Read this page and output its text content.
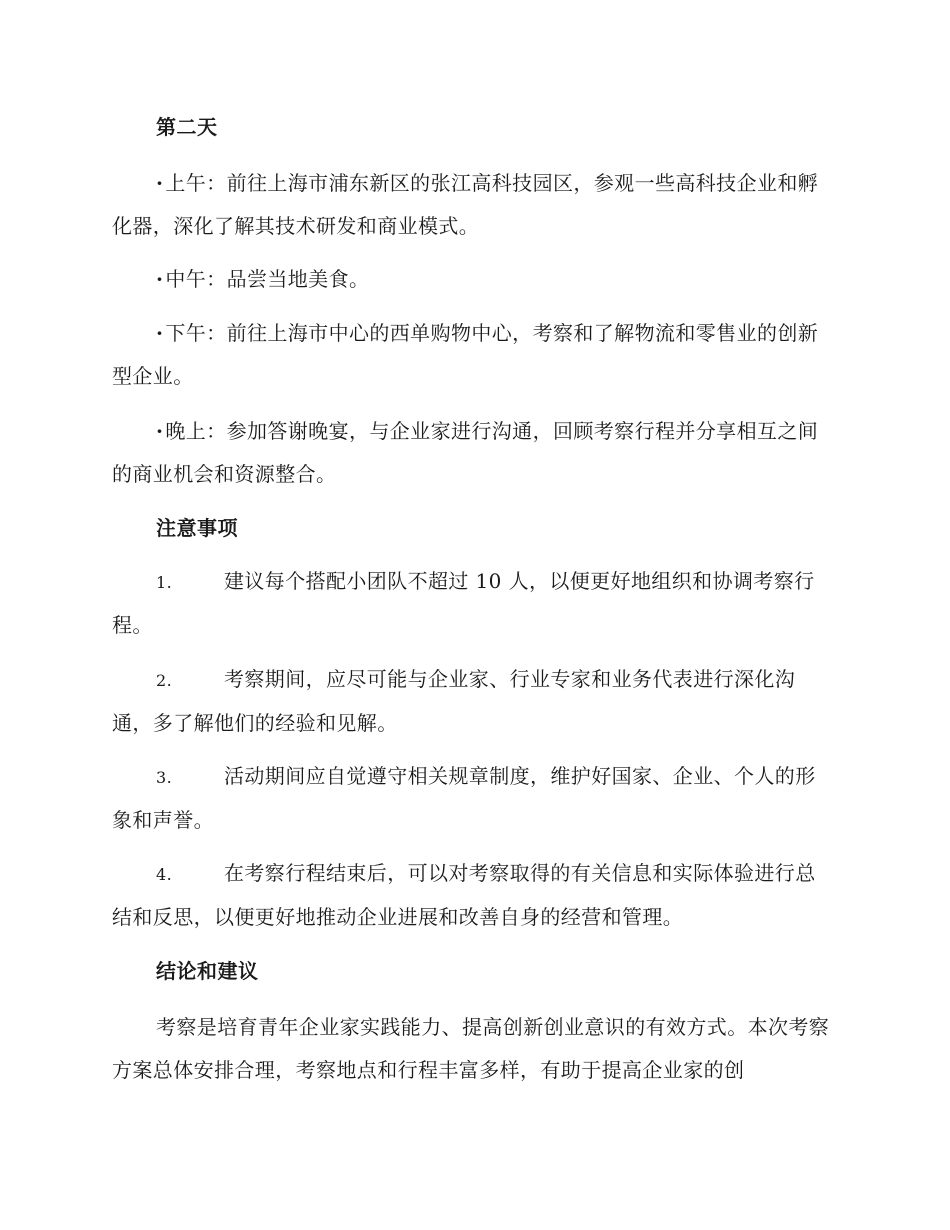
第二天
· 上午：前往上海市浦东新区的张江高科技园区，参观一些高科技企业和孵化器，深化了解其技术研发和商业模式。
· 中午：品尝当地美食。
· 下午：前往上海市中心的西单购物中心，考察和了解物流和零售业的创新型企业。
· 晚上：参加答谢晚宴，与企业家进行沟通，回顾考察行程并分享相互之间的商业机会和资源整合。
注意事项
1.	建议每个搭配小团队不超过 10 人，以便更好地组织和协调考察行程。
2.	考察期间，应尽可能与企业家、行业专家和业务代表进行深化沟通，多了解他们的经验和见解。
3.	活动期间应自觉遵守相关规章制度，维护好国家、企业、个人的形象和声誉。
4.	在考察行程结束后，可以对考察取得的有关信息和实际体验进行总结和反思，以便更好地推动企业进展和改善自身的经营和管理。
结论和建议
考察是培育青年企业家实践能力、提高创新创业意识的有效方式。本次考察方案总体安排合理，考察地点和行程丰富多样，有助于提高企业家的创
